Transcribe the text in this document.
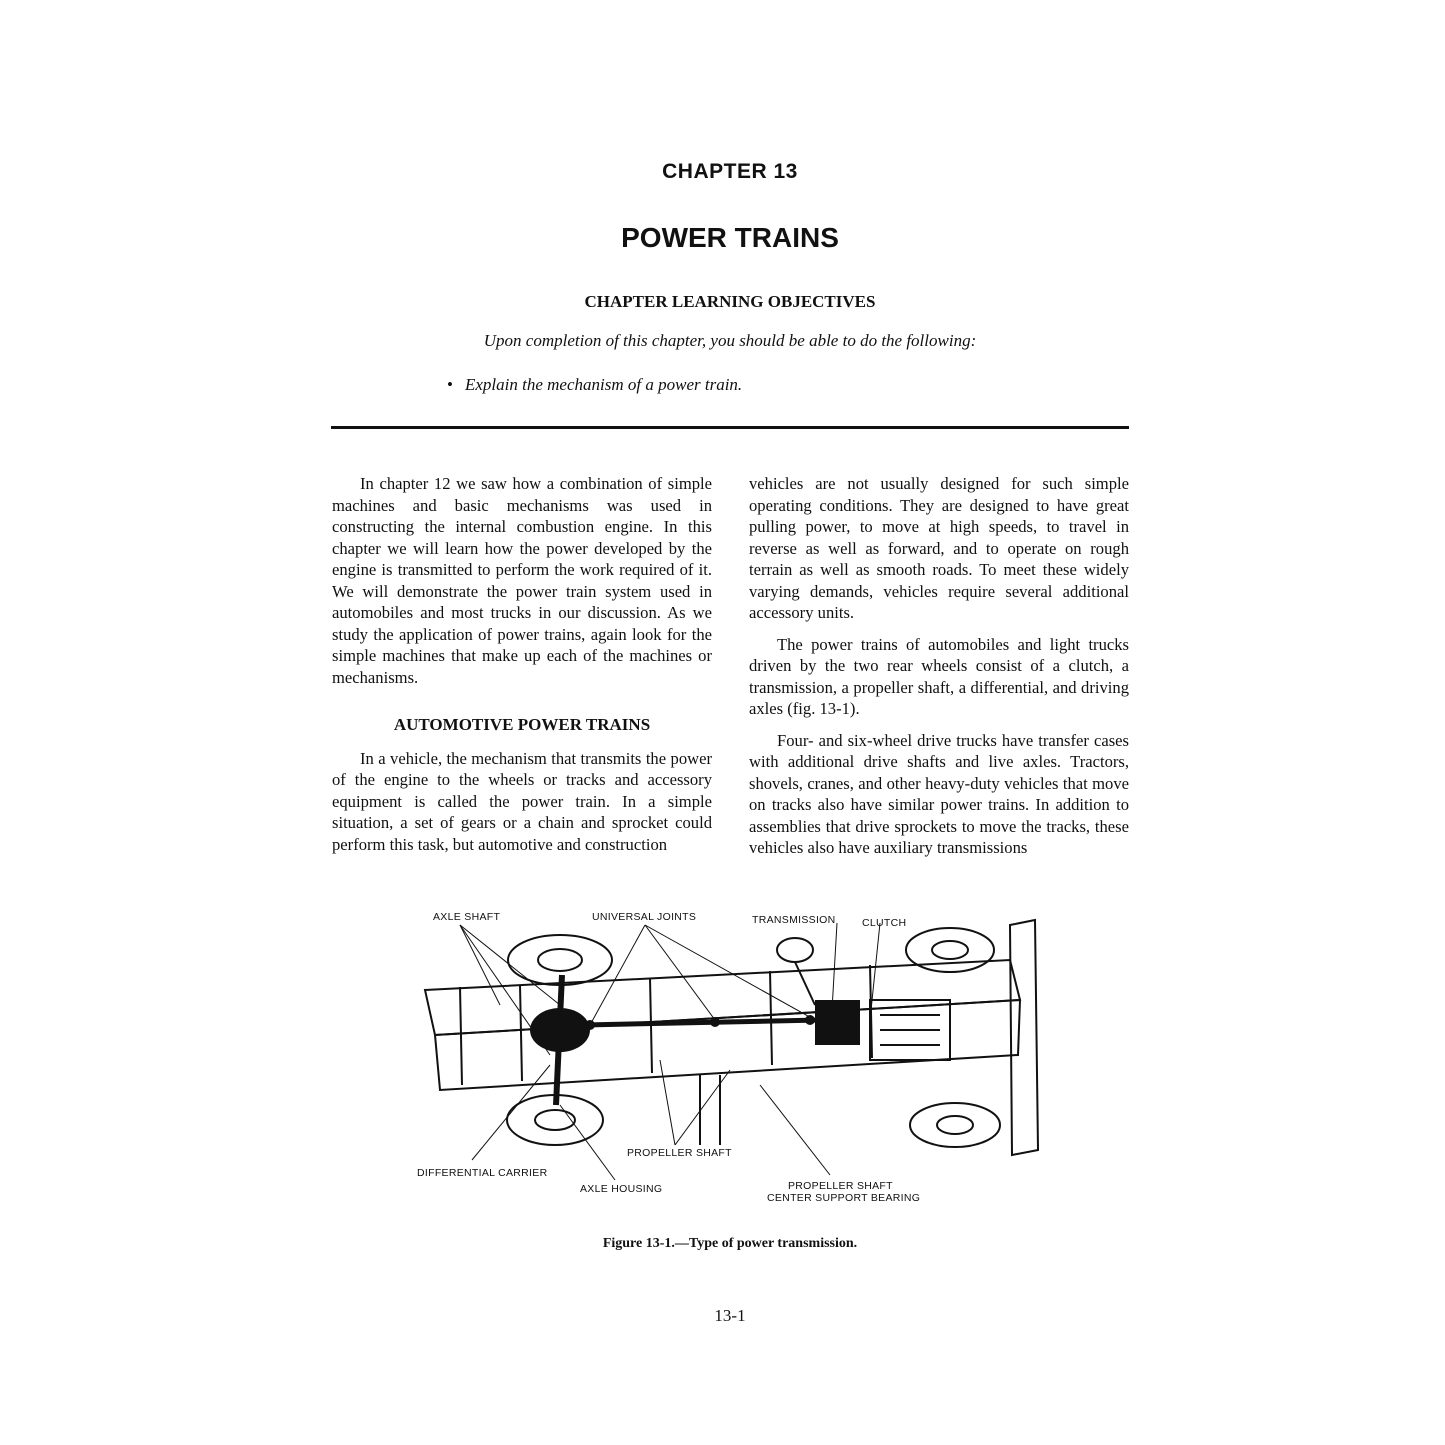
CHAPTER 13
POWER TRAINS
CHAPTER LEARNING OBJECTIVES
Upon completion of this chapter, you should be able to do the following:
• Explain the mechanism of a power train.

In chapter 12 we saw how a combination of simple machines and basic mechanisms was used in constructing the internal combustion engine. In this chapter we will learn how the power developed by the engine is transmitted to perform the work required of it. We will demonstrate the power train system used in automobiles and most trucks in our discussion. As we study the application of power trains, again look for the simple machines that make up each of the machines or mechanisms.

AUTOMOTIVE POWER TRAINS

In a vehicle, the mechanism that transmits the power of the engine to the wheels or tracks and accessory equipment is called the power train. In a simple situation, a set of gears or a chain and sprocket could perform this task, but automotive and construction

vehicles are not usually designed for such simple operating conditions. They are designed to have great pulling power, to move at high speeds, to travel in reverse as well as forward, and to operate on rough terrain as well as smooth roads. To meet these widely varying demands, vehicles require several additional accessory units.

The power trains of automobiles and light trucks driven by the two rear wheels consist of a clutch, a transmission, a propeller shaft, a differential, and driving axles (fig. 13-1).

Four- and six-wheel drive trucks have transfer cases with additional drive shafts and live axles. Tractors, shovels, cranes, and other heavy-duty vehicles that move on tracks also have similar power trains. In addition to assemblies that drive sprockets to move the tracks, these vehicles also have auxiliary transmissions

AXLE SHAFT	UNIVERSAL JOINTS	TRANSMISSION	CLUTCH
PROPELLER SHAFT
DIFFERENTIAL CARRIER
AXLE HOUSING	PROPELLER SHAFT
CENTER SUPPORT BEARING
Figure 13-1.—Type of power transmission.
13-1
